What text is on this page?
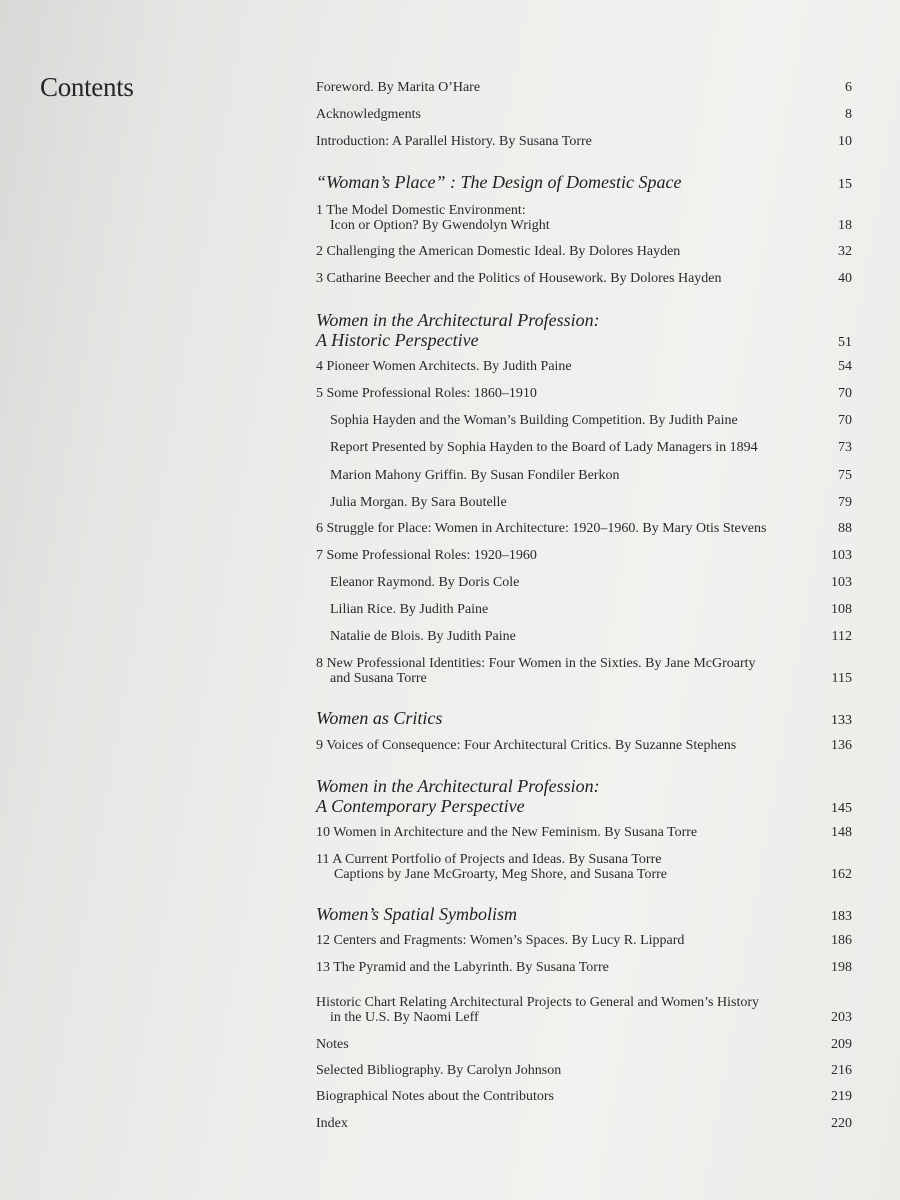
Contents	Foreword. By Marita O’Hare	6
Acknowledgments	8
Introduction: A Parallel History. By Susana Torre	10
“Woman’s Place” : The Design of Domestic Space	15
1 The Model Domestic Environment:
Icon or Option? By Gwendolyn Wright	18
2 Challenging the American Domestic Ideal. By Dolores Hayden	32
3 Catharine Beecher and the Politics of Housework. By Dolores Hayden	40
Women in the Architectural Profession:
A Historic Perspective	51
4 Pioneer Women Architects. By Judith Paine	54
5 Some Professional Roles: 1860–1910	70
Sophia Hayden and the Woman’s Building Competition. By Judith Paine	70
Report Presented by Sophia Hayden to the Board of Lady Managers in 1894	73
Marion Mahony Griffin. By Susan Fondiler Berkon	75
Julia Morgan. By Sara Boutelle	79
6 Struggle for Place: Women in Architecture: 1920–1960. By Mary Otis Stevens	88
7 Some Professional Roles: 1920–1960	103
Eleanor Raymond. By Doris Cole	103
Lilian Rice. By Judith Paine	108
Natalie de Blois. By Judith Paine	112
8 New Professional Identities: Four Women in the Sixties. By Jane McGroarty
and Susana Torre	115
Women as Critics	133
9 Voices of Consequence: Four Architectural Critics. By Suzanne Stephens	136
Women in the Architectural Profession:
A Contemporary Perspective	145
10 Women in Architecture and the New Feminism. By Susana Torre	148
11 A Current Portfolio of Projects and Ideas. By Susana Torre
Captions by Jane McGroarty, Meg Shore, and Susana Torre	162
Women’s Spatial Symbolism	183
12 Centers and Fragments: Women’s Spaces. By Lucy R. Lippard	186
13 The Pyramid and the Labyrinth. By Susana Torre	198
Historic Chart Relating Architectural Projects to General and Women’s History
in the U.S. By Naomi Leff	203
Notes	209
Selected Bibliography. By Carolyn Johnson	216
Biographical Notes about the Contributors	219
Index	220
